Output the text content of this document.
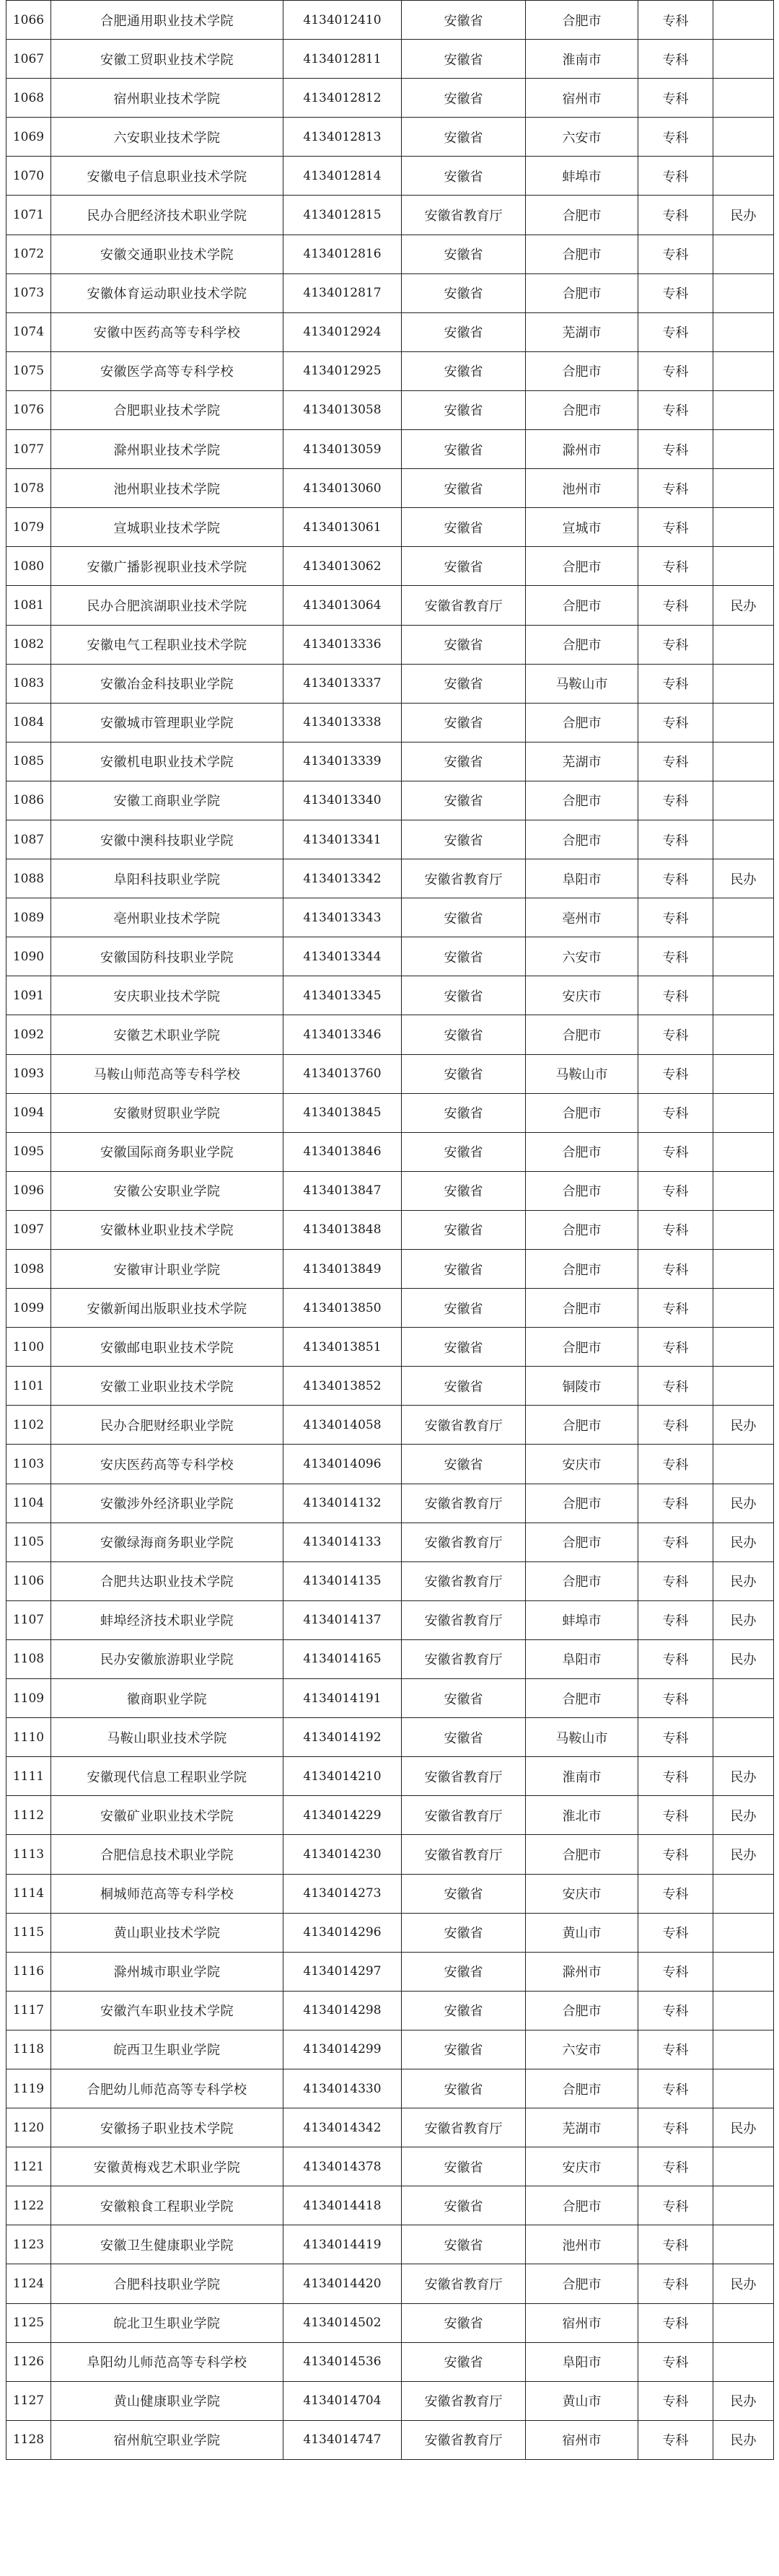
1066	合肥通用职业技术学院	4134012410	安徽省	合肥市	专科	
1067	安徽工贸职业技术学院	4134012811	安徽省	淮南市	专科	
1068	宿州职业技术学院	4134012812	安徽省	宿州市	专科	
1069	六安职业技术学院	4134012813	安徽省	六安市	专科	
1070	安徽电子信息职业技术学院	4134012814	安徽省	蚌埠市	专科	
1071	民办合肥经济技术职业学院	4134012815	安徽省教育厅	合肥市	专科	民办
1072	安徽交通职业技术学院	4134012816	安徽省	合肥市	专科	
1073	安徽体育运动职业技术学院	4134012817	安徽省	合肥市	专科	
1074	安徽中医药高等专科学校	4134012924	安徽省	芜湖市	专科	
1075	安徽医学高等专科学校	4134012925	安徽省	合肥市	专科	
1076	合肥职业技术学院	4134013058	安徽省	合肥市	专科	
1077	滁州职业技术学院	4134013059	安徽省	滁州市	专科	
1078	池州职业技术学院	4134013060	安徽省	池州市	专科	
1079	宣城职业技术学院	4134013061	安徽省	宣城市	专科	
1080	安徽广播影视职业技术学院	4134013062	安徽省	合肥市	专科	
1081	民办合肥滨湖职业技术学院	4134013064	安徽省教育厅	合肥市	专科	民办
1082	安徽电气工程职业技术学院	4134013336	安徽省	合肥市	专科	
1083	安徽冶金科技职业学院	4134013337	安徽省	马鞍山市	专科	
1084	安徽城市管理职业学院	4134013338	安徽省	合肥市	专科	
1085	安徽机电职业技术学院	4134013339	安徽省	芜湖市	专科	
1086	安徽工商职业学院	4134013340	安徽省	合肥市	专科	
1087	安徽中澳科技职业学院	4134013341	安徽省	合肥市	专科	
1088	阜阳科技职业学院	4134013342	安徽省教育厅	阜阳市	专科	民办
1089	亳州职业技术学院	4134013343	安徽省	亳州市	专科	
1090	安徽国防科技职业学院	4134013344	安徽省	六安市	专科	
1091	安庆职业技术学院	4134013345	安徽省	安庆市	专科	
1092	安徽艺术职业学院	4134013346	安徽省	合肥市	专科	
1093	马鞍山师范高等专科学校	4134013760	安徽省	马鞍山市	专科	
1094	安徽财贸职业学院	4134013845	安徽省	合肥市	专科	
1095	安徽国际商务职业学院	4134013846	安徽省	合肥市	专科	
1096	安徽公安职业学院	4134013847	安徽省	合肥市	专科	
1097	安徽林业职业技术学院	4134013848	安徽省	合肥市	专科	
1098	安徽审计职业学院	4134013849	安徽省	合肥市	专科	
1099	安徽新闻出版职业技术学院	4134013850	安徽省	合肥市	专科	
1100	安徽邮电职业技术学院	4134013851	安徽省	合肥市	专科	
1101	安徽工业职业技术学院	4134013852	安徽省	铜陵市	专科	
1102	民办合肥财经职业学院	4134014058	安徽省教育厅	合肥市	专科	民办
1103	安庆医药高等专科学校	4134014096	安徽省	安庆市	专科	
1104	安徽涉外经济职业学院	4134014132	安徽省教育厅	合肥市	专科	民办
1105	安徽绿海商务职业学院	4134014133	安徽省教育厅	合肥市	专科	民办
1106	合肥共达职业技术学院	4134014135	安徽省教育厅	合肥市	专科	民办
1107	蚌埠经济技术职业学院	4134014137	安徽省教育厅	蚌埠市	专科	民办
1108	民办安徽旅游职业学院	4134014165	安徽省教育厅	阜阳市	专科	民办
1109	徽商职业学院	4134014191	安徽省	合肥市	专科	
1110	马鞍山职业技术学院	4134014192	安徽省	马鞍山市	专科	
1111	安徽现代信息工程职业学院	4134014210	安徽省教育厅	淮南市	专科	民办
1112	安徽矿业职业技术学院	4134014229	安徽省教育厅	淮北市	专科	民办
1113	合肥信息技术职业学院	4134014230	安徽省教育厅	合肥市	专科	民办
1114	桐城师范高等专科学校	4134014273	安徽省	安庆市	专科	
1115	黄山职业技术学院	4134014296	安徽省	黄山市	专科	
1116	滁州城市职业学院	4134014297	安徽省	滁州市	专科	
1117	安徽汽车职业技术学院	4134014298	安徽省	合肥市	专科	
1118	皖西卫生职业学院	4134014299	安徽省	六安市	专科	
1119	合肥幼儿师范高等专科学校	4134014330	安徽省	合肥市	专科	
1120	安徽扬子职业技术学院	4134014342	安徽省教育厅	芜湖市	专科	民办
1121	安徽黄梅戏艺术职业学院	4134014378	安徽省	安庆市	专科	
1122	安徽粮食工程职业学院	4134014418	安徽省	合肥市	专科	
1123	安徽卫生健康职业学院	4134014419	安徽省	池州市	专科	
1124	合肥科技职业学院	4134014420	安徽省教育厅	合肥市	专科	民办
1125	皖北卫生职业学院	4134014502	安徽省	宿州市	专科	
1126	阜阳幼儿师范高等专科学校	4134014536	安徽省	阜阳市	专科	
1127	黄山健康职业学院	4134014704	安徽省教育厅	黄山市	专科	民办
1128	宿州航空职业学院	4134014747	安徽省教育厅	宿州市	专科	民办
